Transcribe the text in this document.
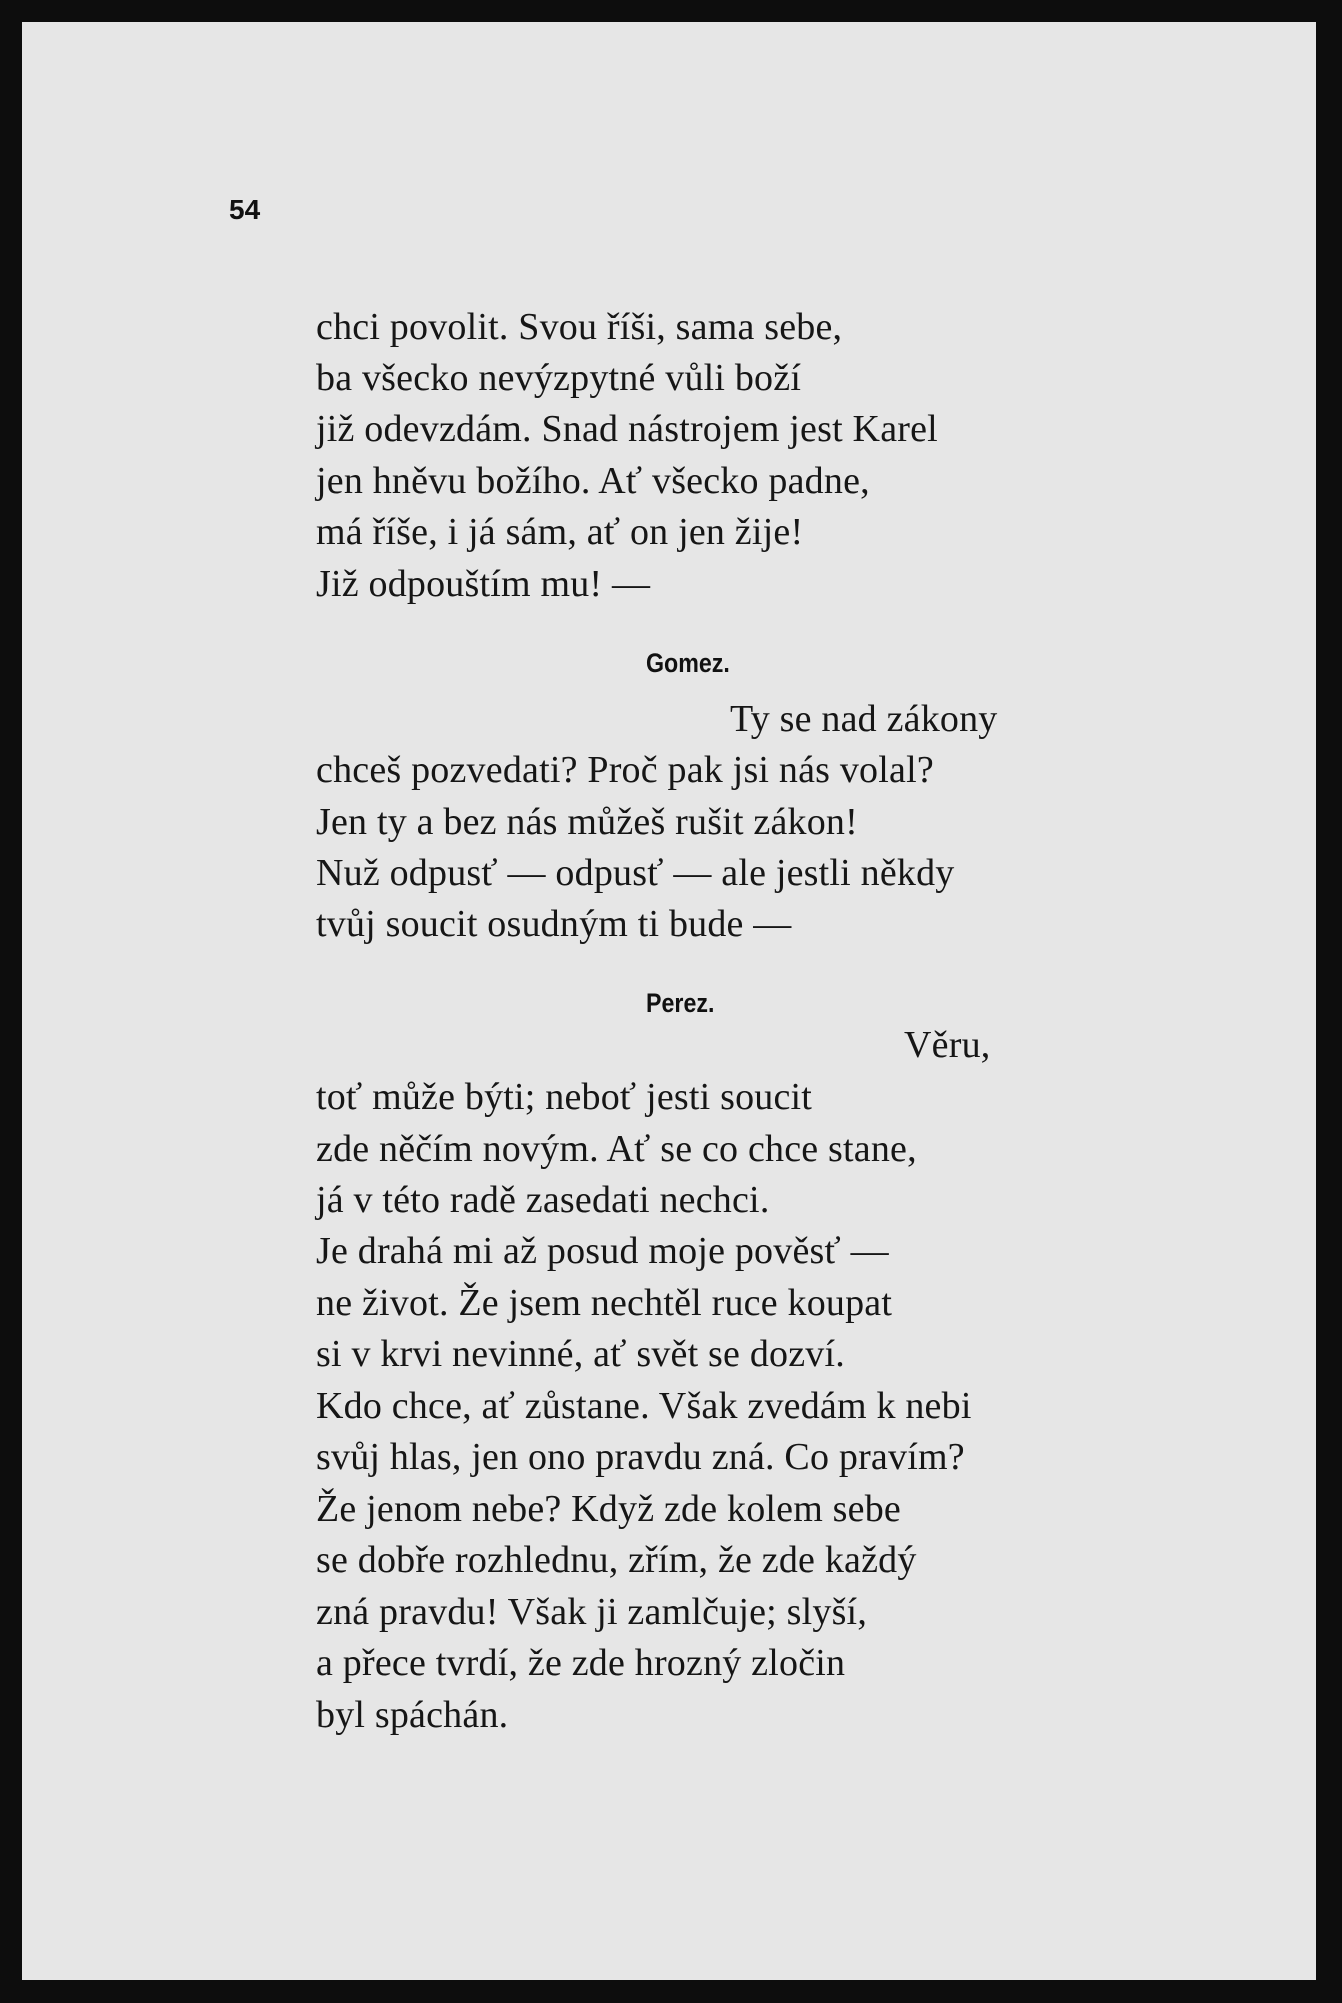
54
chci povolit. Svou říši, sama sebe,
ba všecko nevýzpytné vůli boží
již odevzdám. Snad nástrojem jest Karel
jen hněvu božího. Ať všecko padne,
má říše, i já sám, ať on jen žije!
Již odpouštím mu! —
Gomez.
Ty se nad zákony
chceš pozvedati? Proč pak jsi nás volal?
Jen ty a bez nás můžeš rušit zákon!
Nuž odpusť — odpusť — ale jestli někdy
tvůj soucit osudným ti bude —
Perez.
Věru,
toť může býti; neboť jesti soucit
zde něčím novým. Ať se co chce stane,
já v této radě zasedati nechci.
Je drahá mi až posud moje pověsť —
ne život. Že jsem nechtěl ruce koupat
si v krvi nevinné, ať svět se dozví.
Kdo chce, ať zůstane. Však zvedám k nebi
svůj hlas, jen ono pravdu zná. Co pravím?
Že jenom nebe? Když zde kolem sebe
se dobře rozhlednu, zřím, že zde každý
zná pravdu! Však ji zamlčuje; slyší,
a přece tvrdí, že zde hrozný zločin
byl spáchán.
